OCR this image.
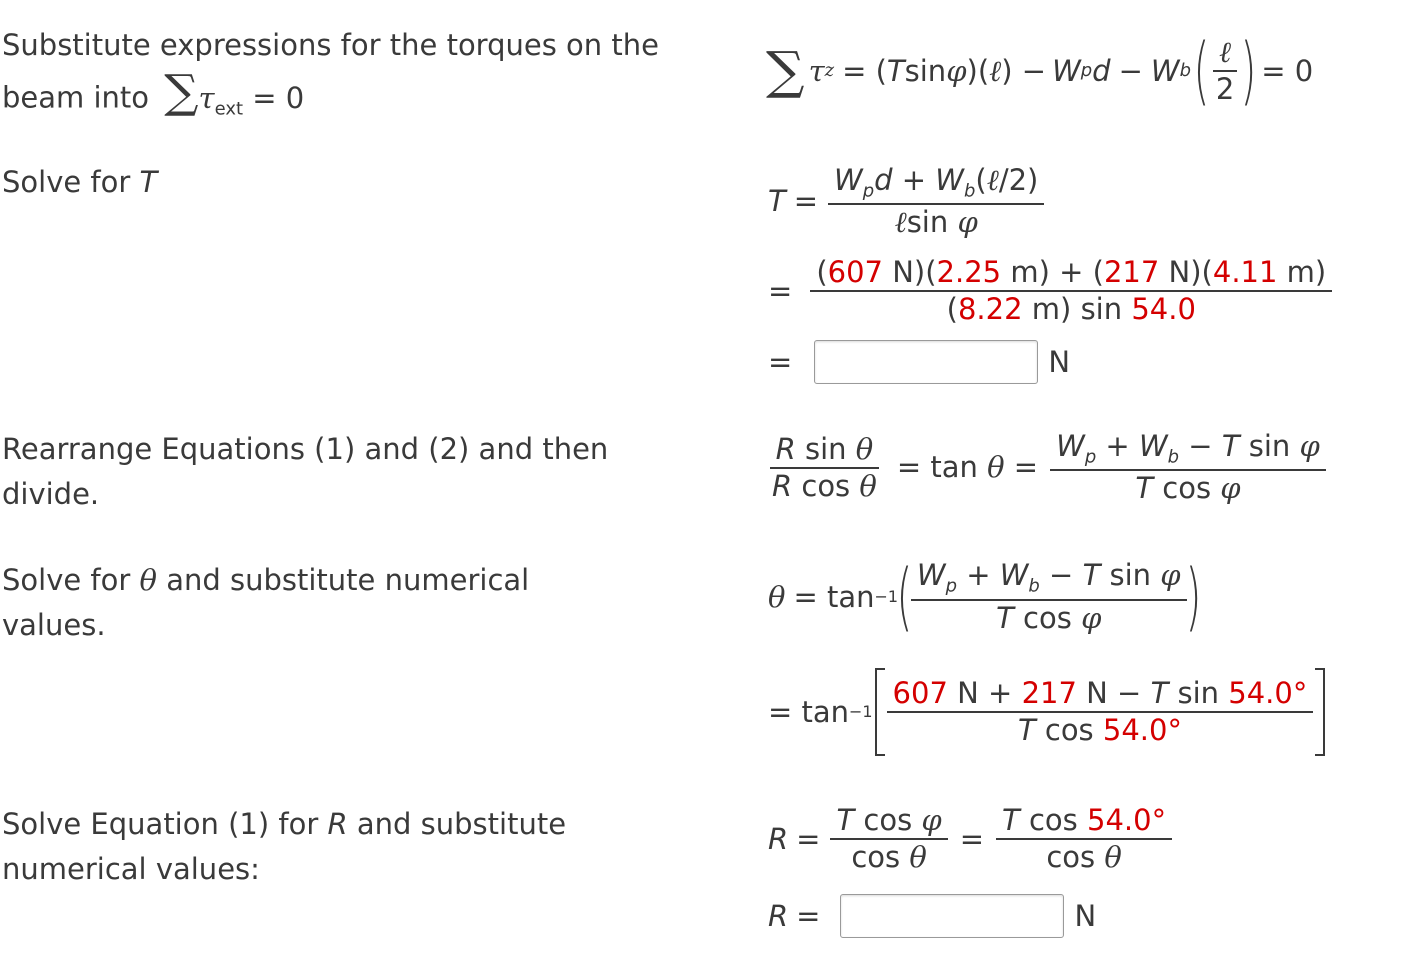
Substitute expressions for the torques on the beam into $\sum\tau_{ext} = 0$
Solve for T
Rearrange Equations (1) and (2) and then divide.
Solve for θ and substitute numerical values.
Solve Equation (1) for R and substitute numerical values:
∑ τ z = ( T sin φ )( ℓ ) − W p d − W b ( $\frac{\text{ℓ}}{2}$ ) = 0
$T = \frac{W_pd + W_b(\ell/2)}{\text{ℓsin φ}}$
= $\frac{(607 N)(2.25 m) + (217 N)(4.11 m)}{(8.22 m) \sin 54.0}$
=	N
$\frac{\text{R sin θ}}{\text{R cos θ}} = \tan \theta = \frac{W_p + W_b - T \sin \varphi}{\text{T cos φ}}$
θ = tan −1
(
$\frac{W_p + W_b - T \sin \varphi}{\text{T cos φ}}$
)
= $\tan -1 \frac{\text{607 N + 217 N − T sin 54.0°}}{\text{T cos 54.0°}}$
$R = \frac{\text{T cos φ}}{\text{cos θ}} = \frac{\text{T cos 54.0°}}{\text{cos θ}}$
R =	N
